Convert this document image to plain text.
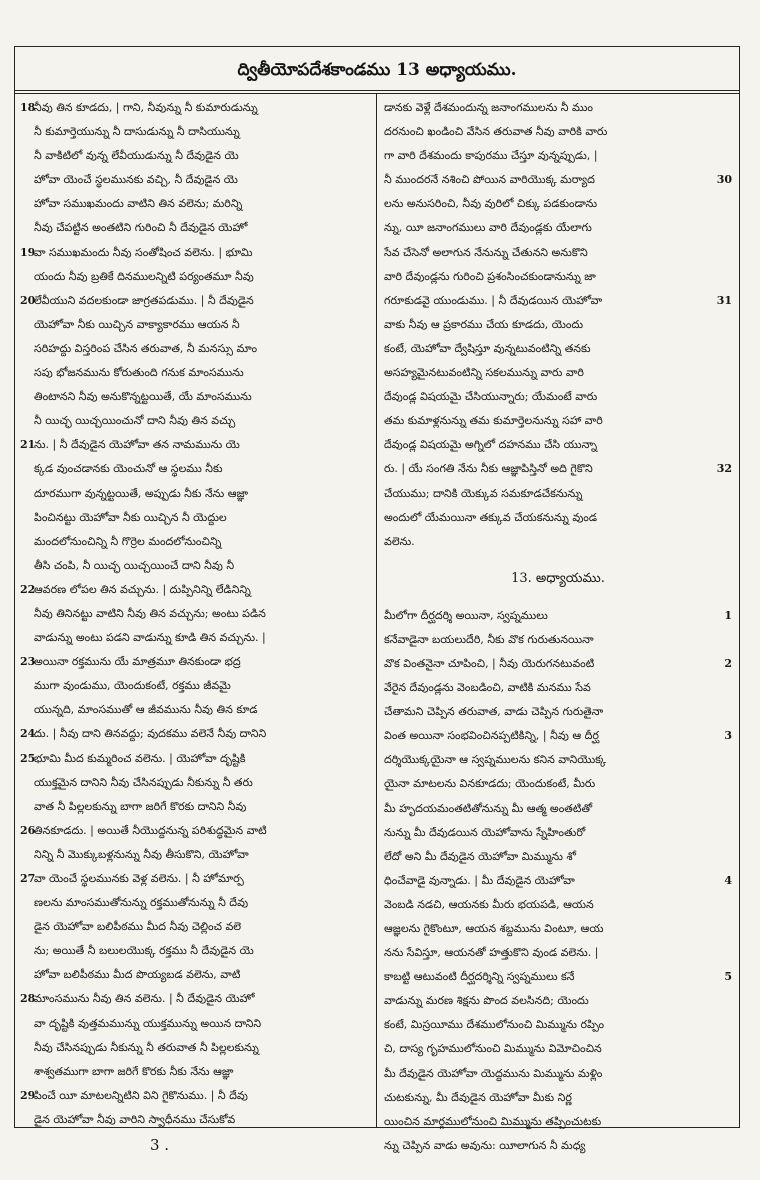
ద్వితీయోపదేశకాండము 13 అధ్యాయము.
18
నీవు తిన కూడదు, | గాని, నీవున్ను నీ కుమారుడున్ను
నీ కుమార్తెయున్ను నీ దాసుడున్ను నీ దాసియున్ను
నీ వాకిటిలో వున్న లేవీయుడున్ను నీ దేవుడైన యె
హోవా యెంచే స్థలమునకు వచ్చి, నీ దేవుడైన యె
హోవా సముఖమందు వాటిని తిన వలెను; మరిన్ని
నీవు చేపట్టిన అంతటిని గురించి నీ దేవుడైన యెహో
19
వా సముఖమందు నీవు సంతోషించ వలెను. | భూమి
యందు నీవు బ్రతికే దినములన్నిటి పర్యంతమూ నీవు
20
లేవీయుని వదలకుండా జాగ్రతపడుము. | నీ దేవుడైన
యెహోవా నీకు యిచ్చిన వాక్యాకారము ఆయన నీ
సరిహద్దు విస్తరింప చేసిన తరువాత, నీ మనస్సు మాం
సపు భోజనమును కోరుతుంది గనుక మాంసమును
తింటానని నీవు అనుకొన్నట్టయితే, యే మాంసమును
నీ యిచ్ఛ యిచ్చయించునో దాని నీవు తిన వచ్చు
21
ను. | నీ దేవుడైన యెహోవా తన నామమును యె
క్కడ వుంచడానకు యెంచునో ఆ స్థలము నీకు
దూరముగా వున్నట్టయితే, అప్పుడు నీకు నేను ఆజ్ఞా
పించినట్టు యెహోవా నీకు యిచ్చిన నీ యెద్దుల
మందలోనుంచిన్ని నీ గొర్రెల మందలోనుంచిన్ని
తీసి చంపి, నీ యిచ్ఛ యిచ్చయించే దాని నీవు నీ
22
ఆవరణ లోపల తిన వచ్చును. | దుప్పినిన్ని లేడినిన్ని
నీవు తినినట్టు వాటిని నీవు తిన వచ్చును; అంటు పడిన
వాడున్ను అంటు పడని వాడున్ను కూడి తిన వచ్చును. |
23
అయినా రక్తమును యే మాత్రమూ తినకుండా భద్ర
ముగా వుండుము, యెందుకంటే, రక్తము జీవమై
యున్నది, మాంసముతో ఆ జీవమును నీవు తిన కూడ
24
దు. | నీవు దాని తినవద్దు; వుదకము వలెనే నీవు దానిని
25
భూమి మీద కుమ్మరించ వలెను. | యెహోవా దృష్టికి
యుక్తమైన దానిని నీవు చేసినప్పుడు నీకున్ను నీ తరు
వాత నీ పిల్లలకున్ను బాగా జరిగే కొరకు దానిని నీవు
26
తినకూడదు. | అయితే నీయొద్దనున్న పరిశుద్ధమైన వాటి
నిన్ని నీ మొక్కుబళ్లనున్ను నీవు తీసుకొని, యెహోవా
27
వా యెంచే స్థలమునకు వెళ్ల వలెను. | నీ హోమార్ప
ణలను మాంసముతోనున్ను రక్తముతోనున్ను నీ దేవు
డైన యెహోవా బలిపీఠము మీద నీవు చెల్లించ వలె
ను; అయితే నీ బలులయొక్క రక్తము నీ దేవుడైన యె
హోవా బలిపీఠము మీద పొయ్యబడ వలెను, వాటి
28
మాంసమును నీవు తిన వలెను. | నీ దేవుడైన యెహో
వా దృష్టికి వుత్తమమున్ను యుక్తమున్ను అయిన దానిని
నీవు చేసినప్పుడు నీకున్ను నీ తరువాత నీ పిల్లలకున్ను
శాశ్వతముగా బాగా జరిగే కొరకు నీకు నేను ఆజ్ఞా
29
పించే యీ మాటలన్నిటిని విని గైకొనుము. | నీ దేవు
డైన యెహోవా నీవు వారిని స్వాధీనము చేసుకోవ
డానకు వెళ్లే దేశమందున్న జనాంగములను నీ ముం
దరనుంచి ఖండించి వేసిన తరువాత నీవు వారికి వారు
గా వారి దేశమందు కాపురము చేస్తూ వున్నప్పుడు, |
నీ ముందరనే నశించి పోయిన వారియొక్క మర్యాద	30
లను అనుసరించి, నీవు వురిలో చిక్కు పడకుండాను
న్ను, యీ జనాంగములు వారి దేవుండ్లకు యేలాగు
సేవ చేసెనో అలాగున నేనున్ను చేతునని అనుకొని
వారి దేవుండ్లను గురించి ప్రశంసించకుండానున్ను జా
గరూకుడవై యుండుము. | నీ దేవుడయిన యెహోవా	31
వాకు నీవు ఆ ప్రకారము చేయ కూడదు, యెందు
కంటే, యెహోవా ద్వేషిస్తూ వున్నటువంటిన్ని తనకు
అసహ్యమైనటువంటిన్ని సకలమున్ను వారు వారి
దేవుండ్ల విషయమై చేసియున్నారు; యేమంటే వారు
తమ కుమాళ్లనున్ను తమ కుమార్తెలనున్ను సహా వారి
దేవుండ్ల విషయమై అగ్నిలో దహనము చేసి యున్నా
రు. | యే సంగతి నేను నీకు ఆజ్ఞాపిస్తినో అది గైకొని	32
చేయుము; దానికి యెక్కువ సమకూడచేకనున్ను
అందులో యేమయినా తక్కువ చేయకనున్ను వుండ
వలెను.
13. అధ్యాయము.
మీలోగా దీర్ఘదర్శి అయినా, స్వప్నములు	1
కనేవాడైనా బయలుదేరి, నీకు వొక గురుతునయినా
వొక వింతనైనా చూపించి, | నీవు యెరుగనటువంటి	2
వేరైన దేవుండ్లను వెంబడించి, వాటికి మనము సేవ
చేతామని చెప్పిన తరువాత, వాడు చెప్పిన గురుతైనా
వింత అయినా సంభవించినప్పటికిన్ని, | నీవు ఆ దీర్ఘ	3
దర్శియొక్కయైనా ఆ స్వప్నములను కనిన వానియొక్క
యైనా మాటలను వినకూడదు; యెందుకంటే, మీరు
మీ హృదయమంతటితోనున్ను మీ ఆత్మ అంతటితో
నున్ను మీ దేవుడయిన యెహోవాను స్నేహింతురో
లేదో అని మీ దేవుడైన యెహోవా మిమ్మును శో
ధించేవాడై వున్నాడు. | మీ దేవుడైన యెహోవా	4
వెంబడి నడచి, ఆయనకు మీరు భయపడి, ఆయన
ఆజ్ఞలను గైకొంటూ, ఆయన శబ్దమును వింటూ, ఆయ
నను సేవిస్తూ, ఆయనతో హత్తుకొని వుండ వలెను. |
కాబట్టి ఆటువంటి దీర్ఘదర్శిన్ని స్వప్నములు కనే	5
వాడున్ను మరణ శిక్షను పొంద వలసినది; యెందు
కంటే, మిస్రయీము దేశములోనుంచి మిమ్మును రప్పిం
చి, దాస్య గృహములోనుంచి మిమ్మును విమోచించిన
మీ దేవుడైన యెహోవా యెద్దమును మిమ్మును మళ్లిం
చుటకున్ను, మీ దేవుడైన యెహోవా మీకు నిర్ణ
యించిన మార్గములోనుంచి మిమ్మును తప్పించుటకు
న్ను చెప్పిన వాడు అవును: యీలాగున నీ మధ్య
3 .
